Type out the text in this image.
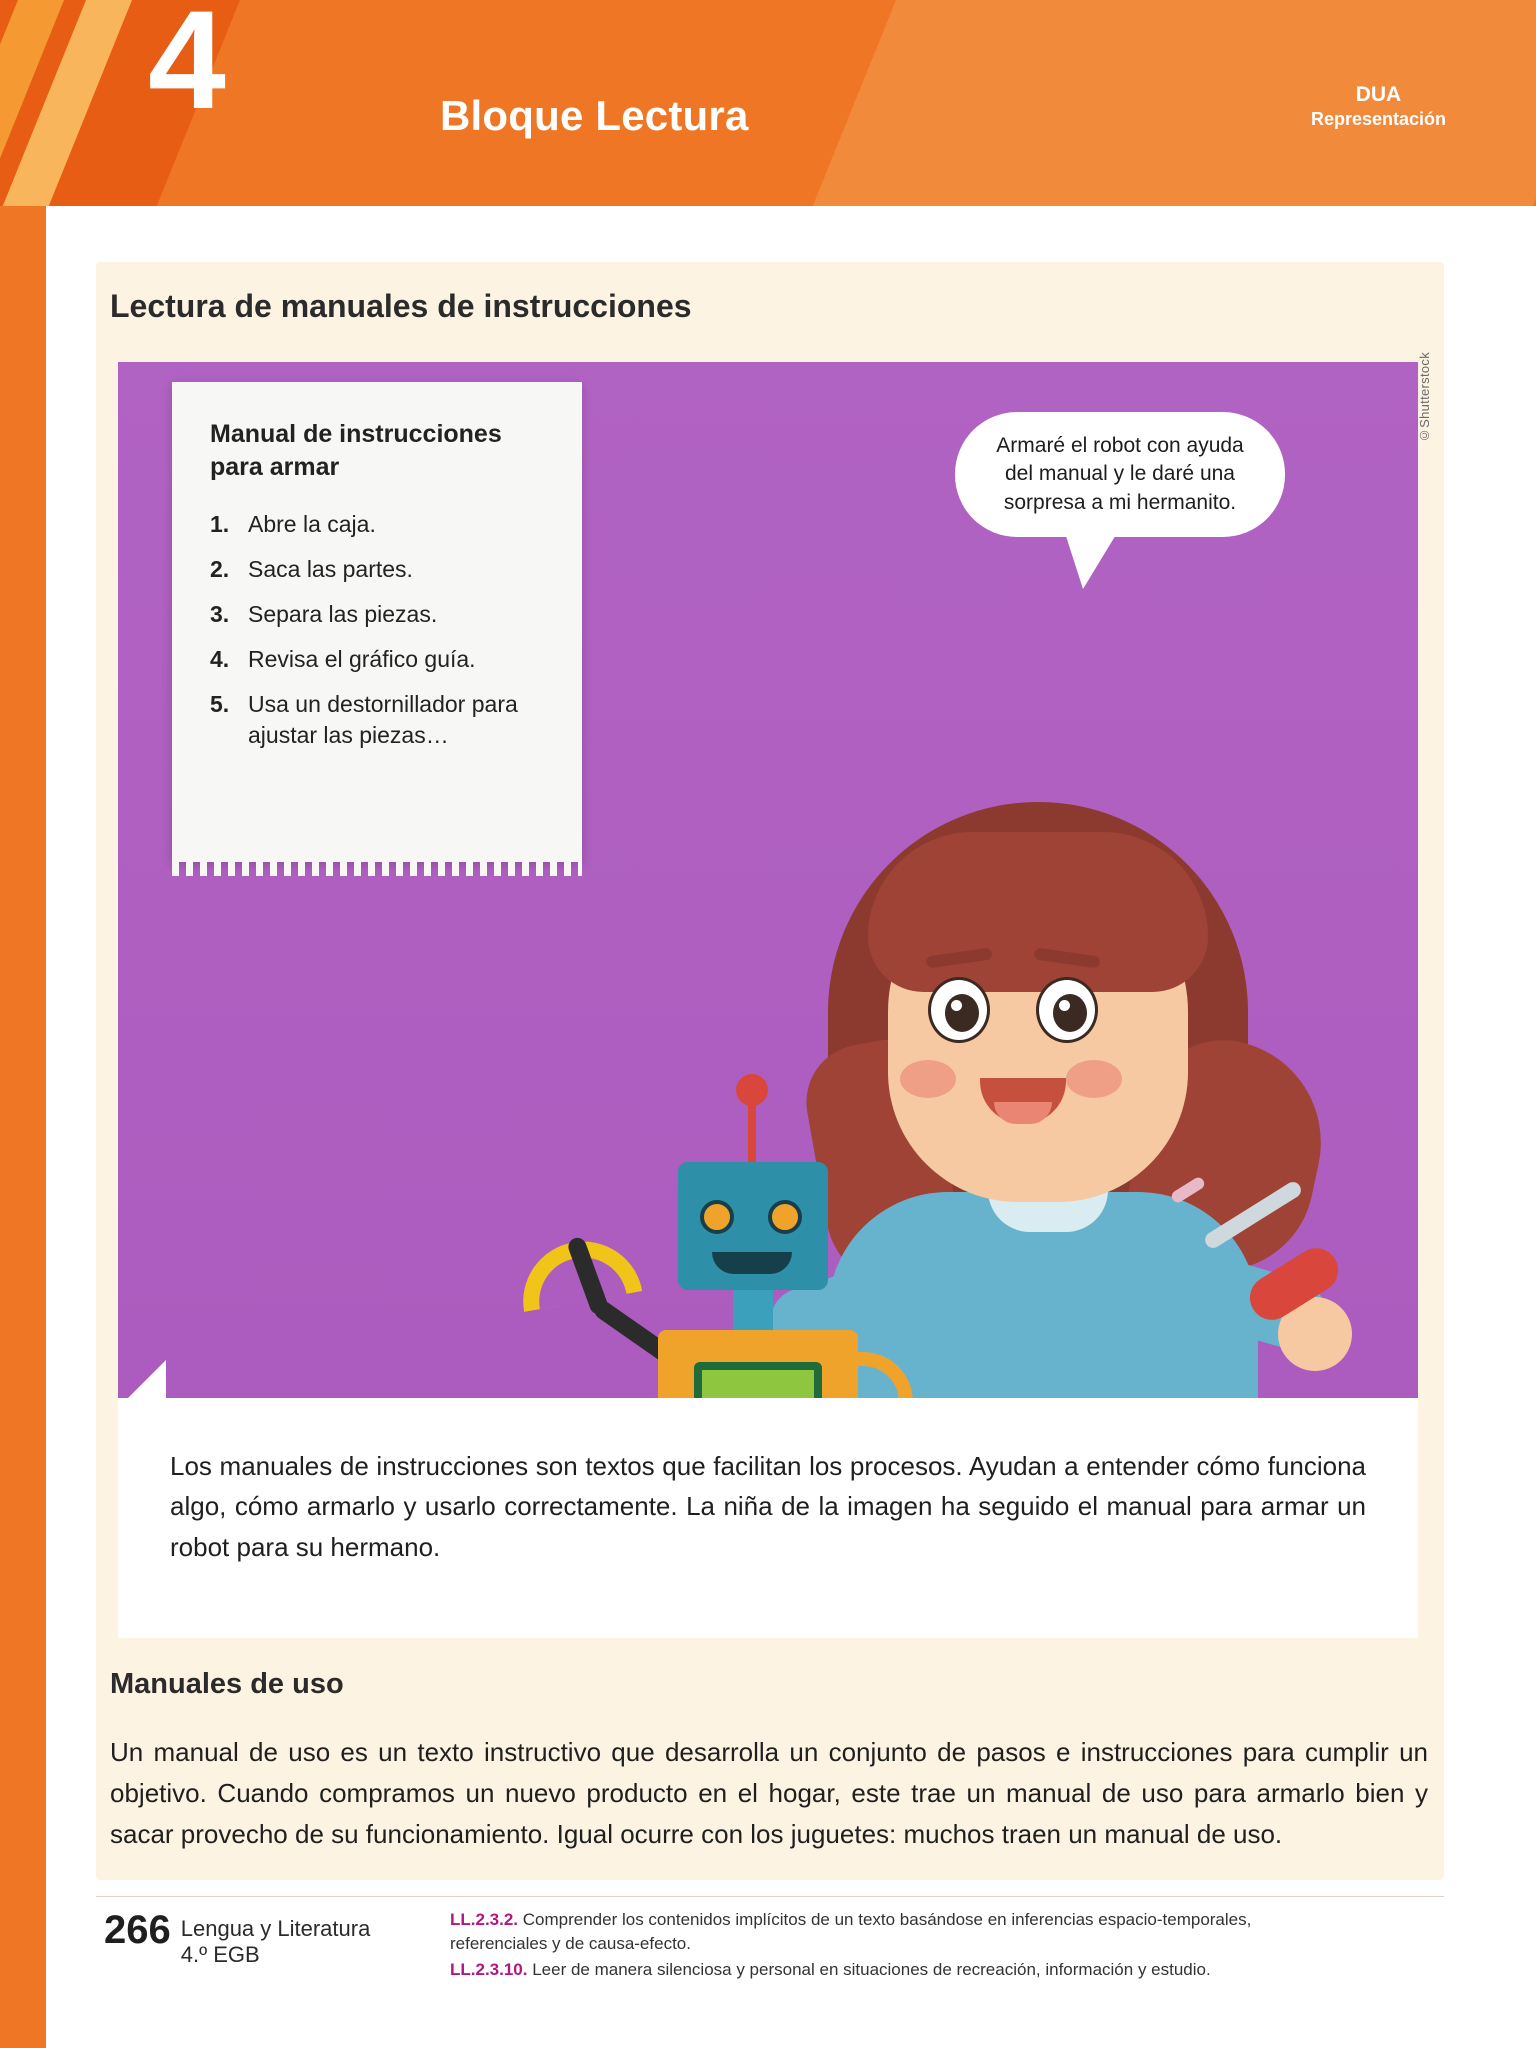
4	Bloque Lectura	DUA
Representación
Lectura de manuales de instrucciones
©Shutterstock
Manual de instrucciones para armar
1. Abre la caja.
2. Saca las partes.
3. Separa las piezas.
4. Revisa el gráfico guía.
5. Usa un destornillador para ajustar las piezas…
Armaré el robot con ayuda del manual y le daré una sorpresa a mi hermanito.

Los manuales de instrucciones son textos que facilitan los procesos. Ayudan a entender cómo funciona algo, cómo armarlo y usarlo correctamente. La niña de la imagen ha seguido el manual para armar un robot para su hermano.

Manuales de uso
Un manual de uso es un texto instructivo que desarrolla un conjunto de pasos e instrucciones para cumplir un objetivo. Cuando compramos un nuevo producto en el hogar, este trae un manual de uso para armarlo bien y sacar provecho de su funcionamiento. Igual ocurre con los juguetes: muchos traen un manual de uso.
266 Lengua y Literatura
4.º EGB
LL.2.3.2. Comprender los contenidos implícitos de un texto basándose en inferencias espacio-temporales, referenciales y de causa-efecto.
LL.2.3.10. Leer de manera silenciosa y personal en situaciones de recreación, información y estudio.
